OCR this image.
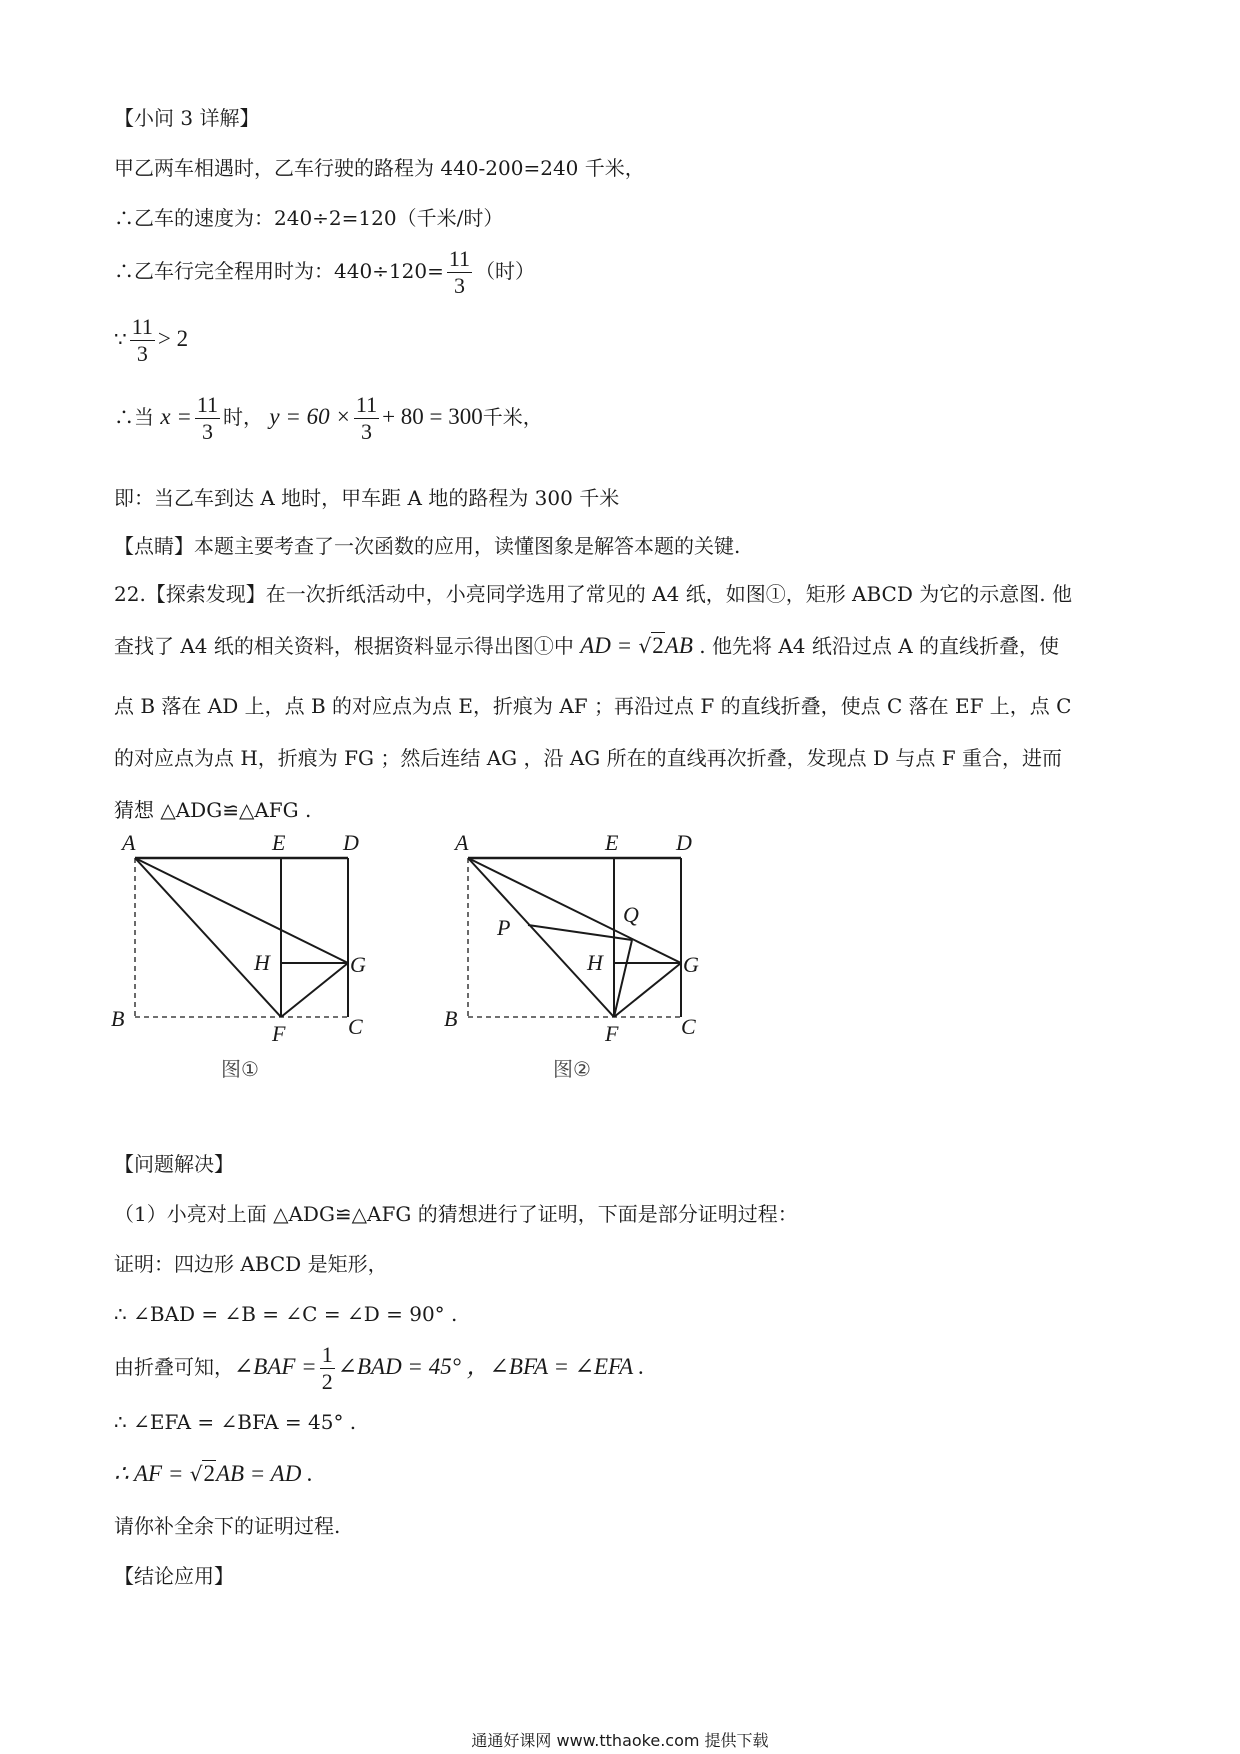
【小问 3 详解】
甲乙两车相遇时，乙车行驶的路程为 440-200=240 千米，
∴乙车的速度为：240÷2=120（千米/时）
∴乙车行完全程用时为：$440\div 120= \frac{11}{3}$ （时）
∵ $\frac{11}{3} > 2$
∴当 $x = \frac{11}{3}$ 时， $y = 60 \times \frac{11}{3} + 80 = 300$千米，
即：当乙车到达 A 地时，甲车距 A 地的路程为 300 千米
【点睛】本题主要考查了一次函数的应用，读懂图象是解答本题的关键.
22.【探索发现】在一次折纸活动中，小亮同学选用了常见的 A4 纸，如图①，矩形 ABCD 为它的示意图. 他
查找了 A4 纸的相关资料，根据资料显示得出图①中 AD = √2AB . 他先将 A4 纸沿过点 A 的直线折叠，使
点 B 落在 AD 上，点 B 的对应点为点 E，折痕为 AF ；再沿过点 F 的直线折叠，使点 C 落在 EF 上，点 C
的对应点为点 H，折痕为 FG ；然后连结 AG ，沿 AG 所在的直线再次折叠，发现点 D 与点 F 重合，进而
猜想 △ADG≌△AFG .
A	E	D
H	G
B
F	C
图①
A	E	D
P
Q
H	G
B
F	C
图②
【问题解决】
（1）小亮对上面 △ADG≌△AFG 的猜想进行了证明，下面是部分证明过程：
证明：四边形 ABCD 是矩形，
∴ ∠BAD = ∠B = ∠C = ∠D = 90° .
由折叠可知，∠BAF = $\frac{1}{2}$ ∠BAD = 45° ，∠BFA = ∠EFA .
∴ ∠EFA = ∠BFA = 45° .
∴ AF = √2AB = AD .
请你补全余下的证明过程.
【结论应用】
通通好课网 www.tthaoke.com 提供下载
